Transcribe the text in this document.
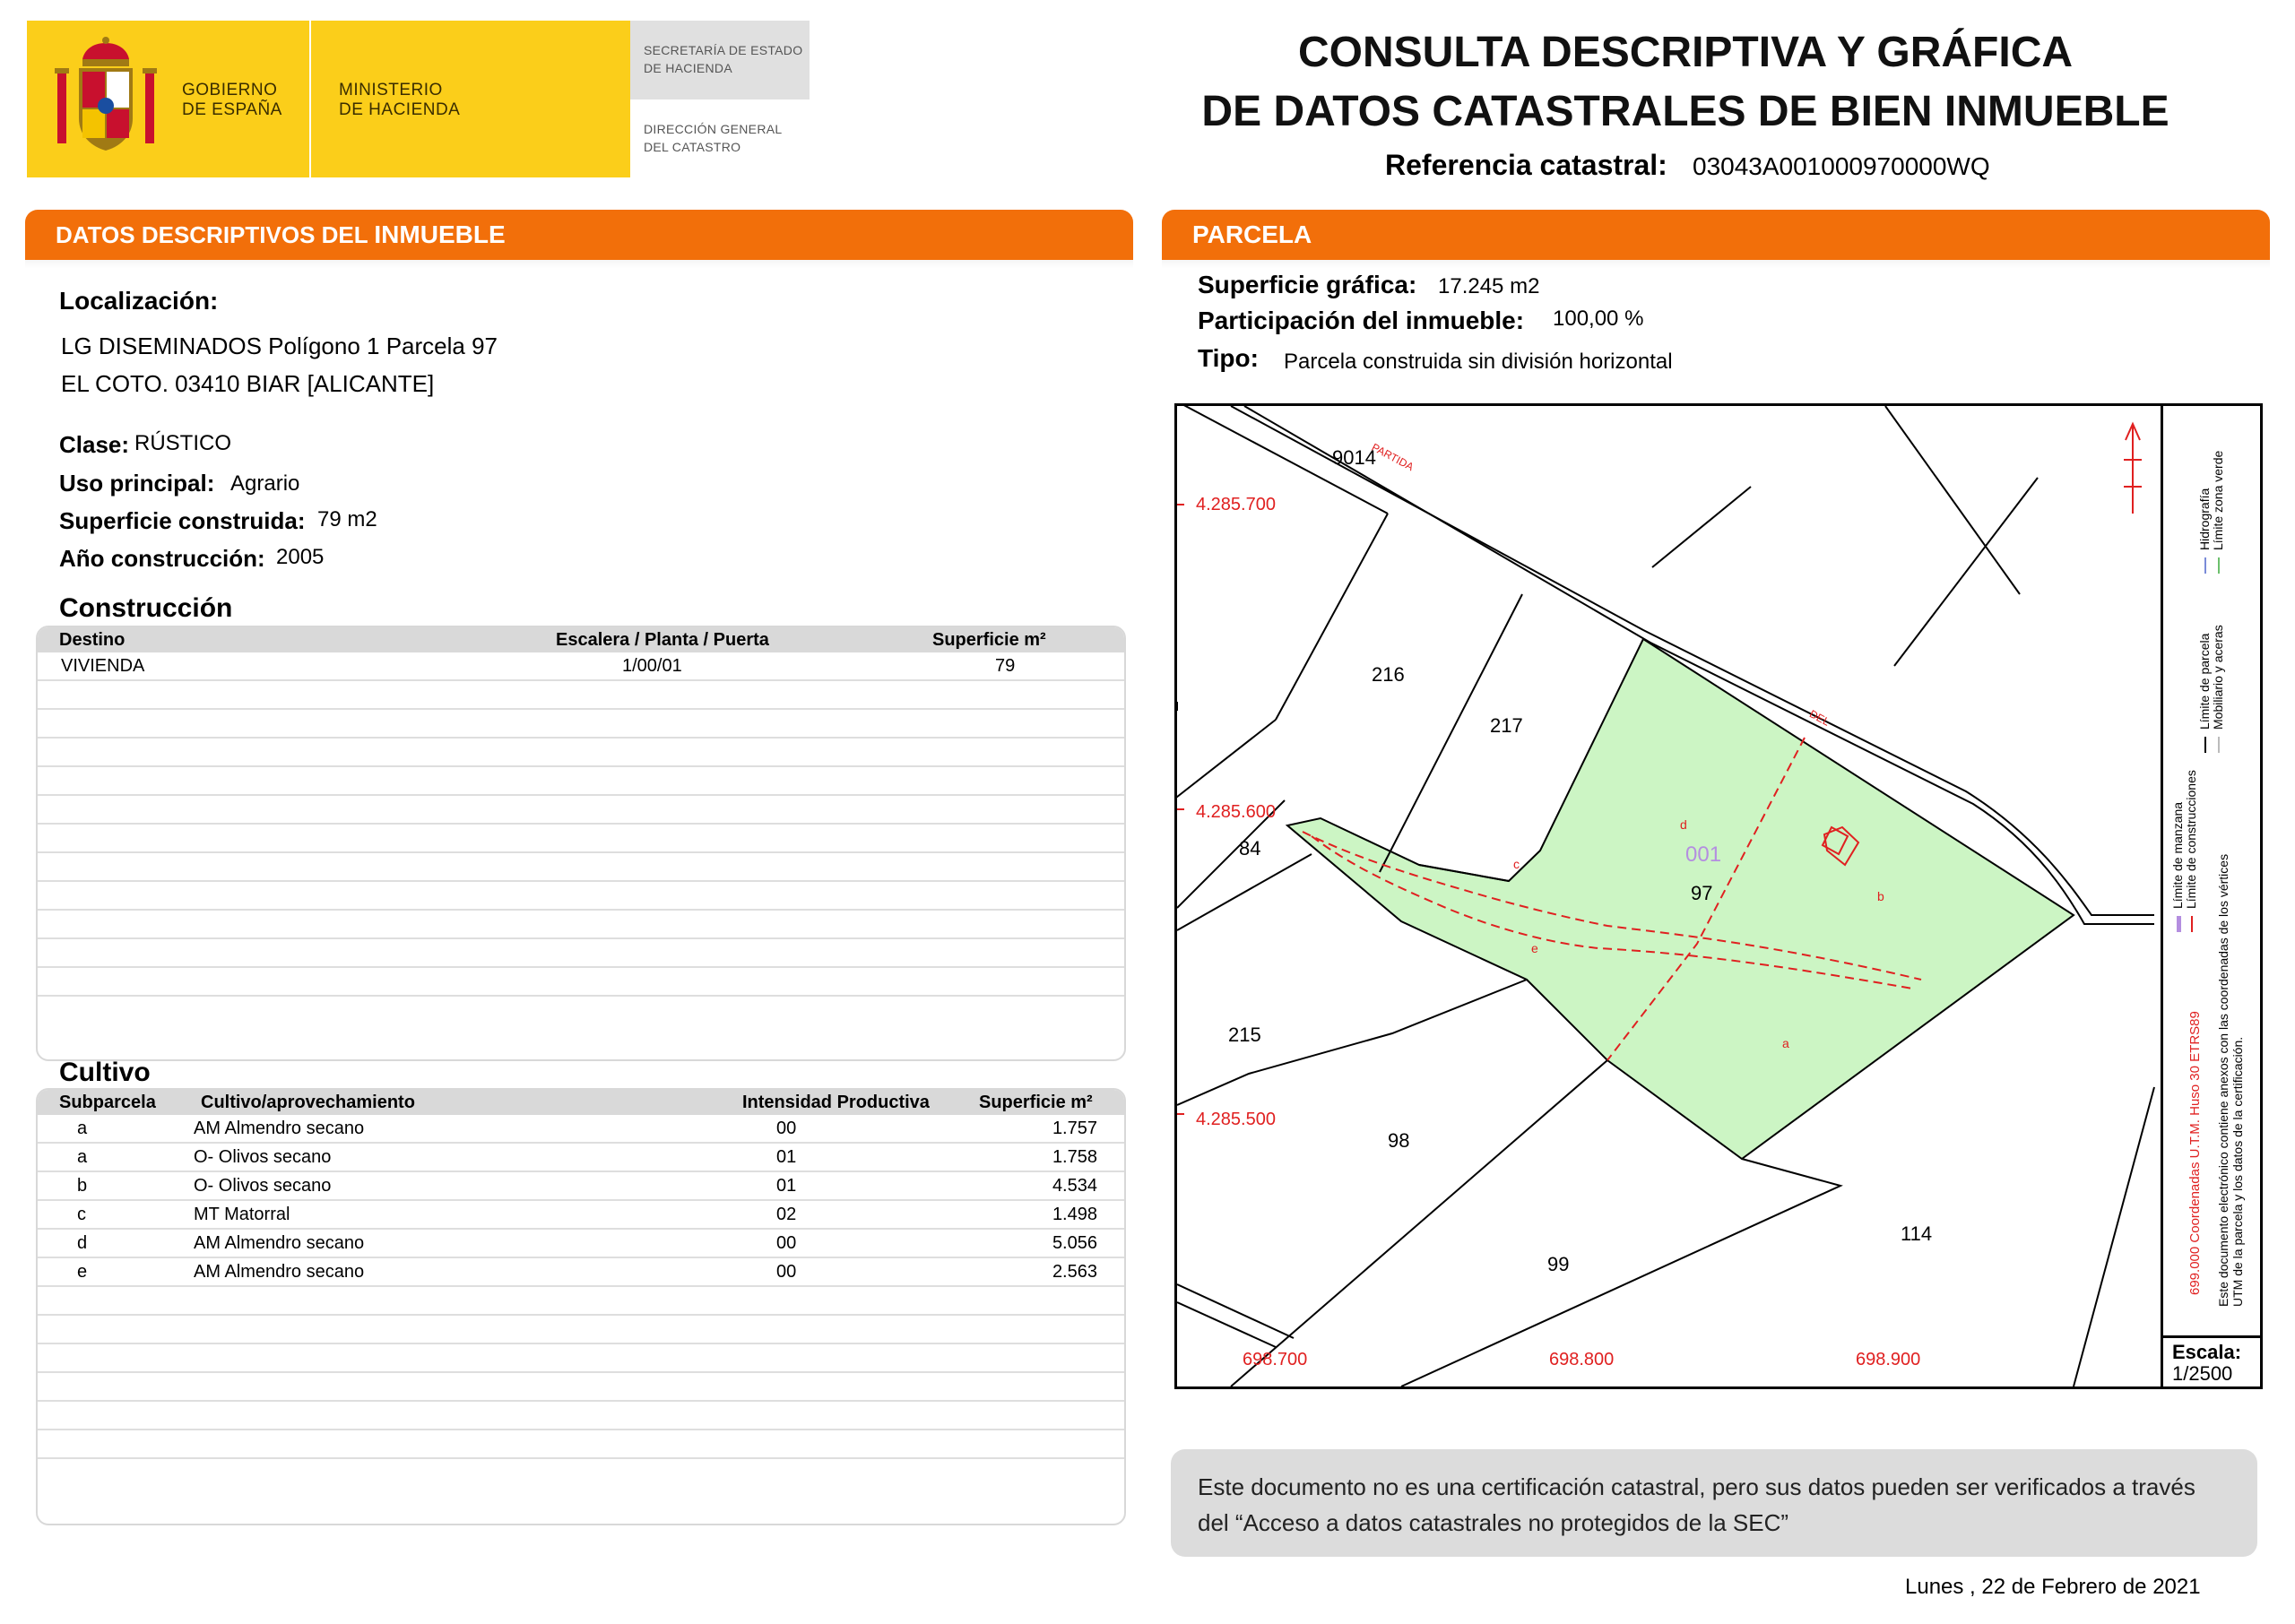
GOBIERNO
DE ESPAÑA
MINISTERIO
DE HACIENDA
SECRETARÍA DE ESTADO
DE HACIENDA
DIRECCIÓN GENERAL
DEL CATASTRO
CONSULTA DESCRIPTIVA Y GRÁFICA
DE DATOS CATASTRALES DE BIEN INMUEBLE
Referencia catastral: 03043A001000970000WQ
DATOS DESCRIPTIVOS DEL INMUEBLE
Localización:
LG DISEMINADOS Polígono 1 Parcela 97
EL COTO. 03410 BIAR [ALICANTE]
Clase: RÚSTICO
Uso principal: Agrario
Superficie construida: 79 m2
Año construcción: 2005
Construcción
Destino	Escalera / Planta / Puerta	Superficie m²
VIVIENDA	1/00/01	79
Cultivo
Subparcela	Cultivo/aprovechamiento	Intensidad Productiva	Superficie m²
a	AM Almendro secano	00	1.757
a	O- Olivos secano	01	1.758
b	O- Olivos secano	01	4.534
c	MT Matorral	02	1.498
d	AM Almendro secano	00	5.056
e	AM Almendro secano	00	2.563
PARCELA
Superficie gráfica: 17.245 m2
Participación del inmueble: 100,00 %
Tipo: Parcela construida sin división horizontal
9014
PARTIDA
216
217
84
215
98
99
114
97
001
DEL
a
b
c
d
e
4.285.700
4.285.600
4.285.500
698.700	698.800	698.900
Límite de manzana Límite de construcciones
Límite de parcela Mobiliario y aceras
Hidrografía Límite zona verde
699.000 Coordenadas U.T.M. Huso 30 ETRS89 Este documento electrónico contiene anexos con las coordenadas de los vértices UTM de la parcela y los datos de la certificación.
Escala:
1/2500
Este documento no es una certificación catastral, pero sus datos pueden ser verificados a través del “Acceso a datos catastrales no protegidos de la SEC”
Lunes , 22 de Febrero de 2021
